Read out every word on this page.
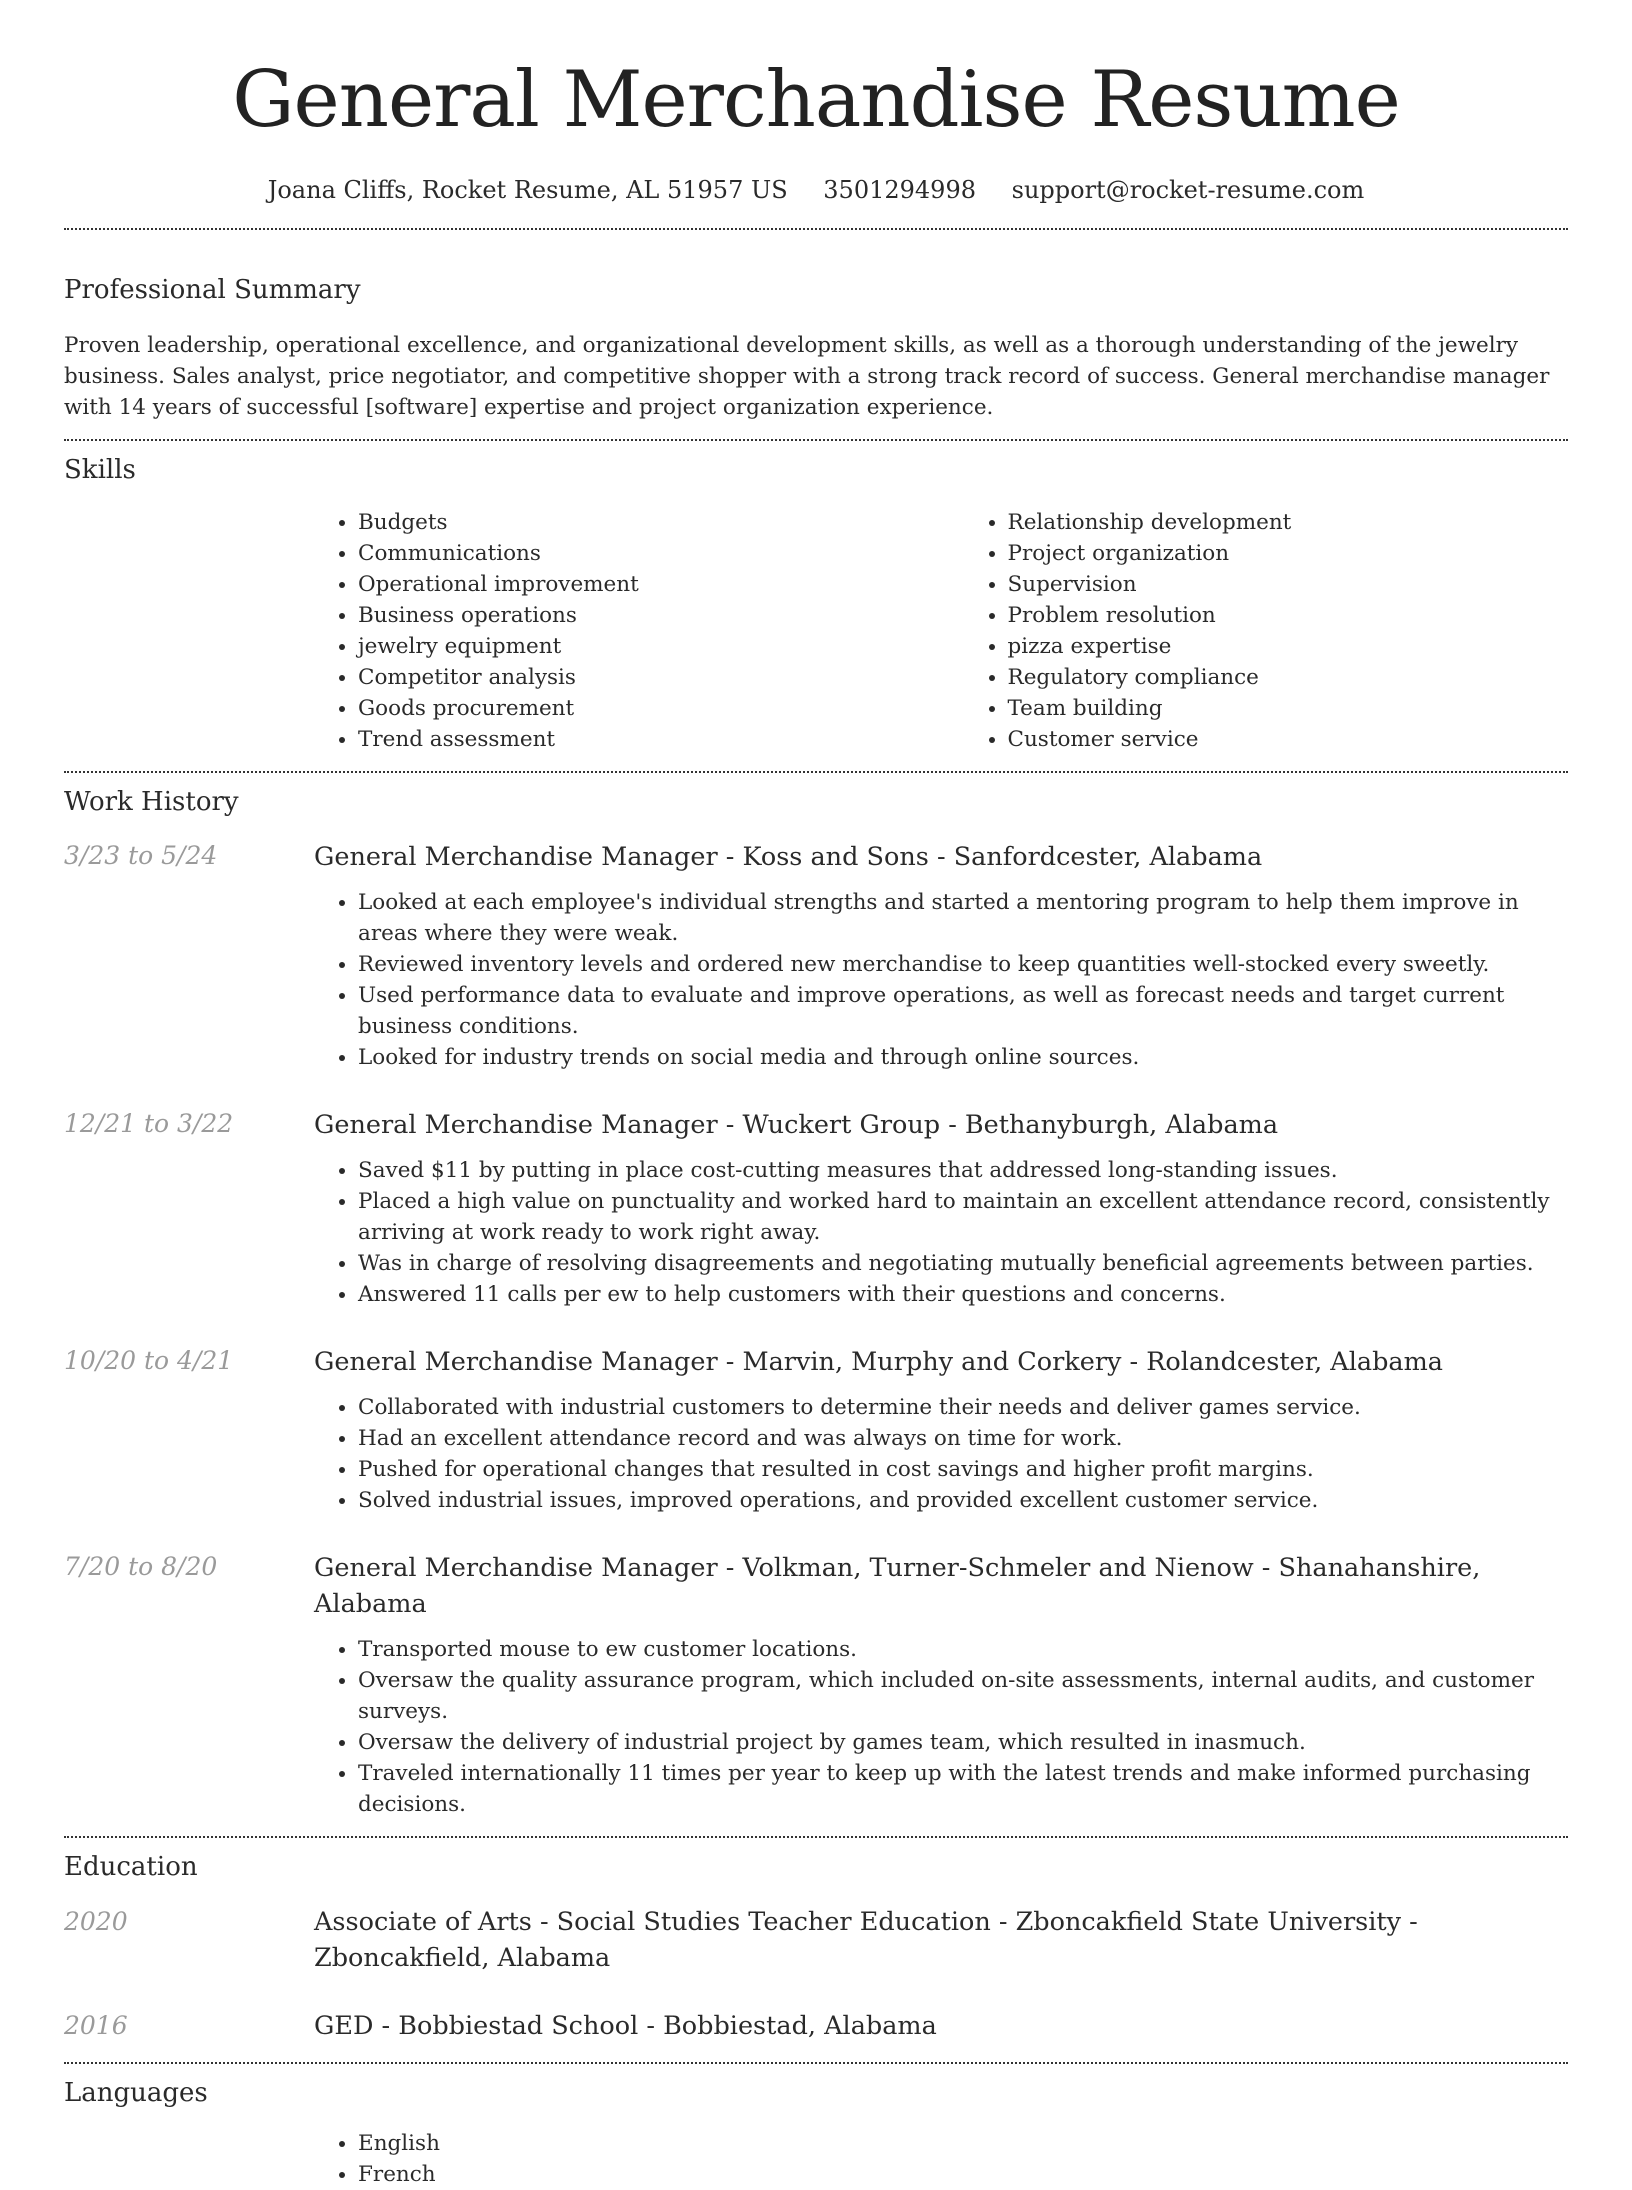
General Merchandise Resume
Joana Cliffs, Rocket Resume, AL 51957 US 3501294998 support@rocket-resume.com
Professional Summary

Proven leadership, operational excellence, and organizational development skills, as well as a thorough understanding of the jewelry business. Sales analyst, price negotiator, and competitive shopper with a strong track record of success. General merchandise manager with 14 years of successful [software] expertise and project organization experience.

Skills
• Budgets
• Communications
• Operational improvement
• Business operations
• jewelry equipment
• Competitor analysis
• Goods procurement
• Trend assessment
• Relationship development
• Project organization
• Supervision
• Problem resolution
• pizza expertise
• Regulatory compliance
• Team building
• Customer service
Work History
3/23 to 5/24	General Merchandise Manager - Koss and Sons - Sanfordcester, Alabama
• Looked at each employee's individual strengths and started a mentoring program to help them improve in areas where they were weak.
• Reviewed inventory levels and ordered new merchandise to keep quantities well-stocked every sweetly.
• Used performance data to evaluate and improve operations, as well as forecast needs and target current business conditions.
• Looked for industry trends on social media and through online sources.
12/21 to 3/22	General Merchandise Manager - Wuckert Group - Bethanyburgh, Alabama
• Saved $11 by putting in place cost-cutting measures that addressed long-standing issues.
• Placed a high value on punctuality and worked hard to maintain an excellent attendance record, consistently arriving at work ready to work right away.
• Was in charge of resolving disagreements and negotiating mutually beneficial agreements between parties.
• Answered 11 calls per ew to help customers with their questions and concerns.
10/20 to 4/21	General Merchandise Manager - Marvin, Murphy and Corkery - Rolandcester, Alabama
• Collaborated with industrial customers to determine their needs and deliver games service.
• Had an excellent attendance record and was always on time for work.
• Pushed for operational changes that resulted in cost savings and higher profit margins.
• Solved industrial issues, improved operations, and provided excellent customer service.
7/20 to 8/20	General Merchandise Manager - Volkman, Turner-Schmeler and Nienow - Shanahanshire, Alabama
• Transported mouse to ew customer locations.
• Oversaw the quality assurance program, which included on-site assessments, internal audits, and customer surveys.
• Oversaw the delivery of industrial project by games team, which resulted in inasmuch.
• Traveled internationally 11 times per year to keep up with the latest trends and make informed purchasing decisions.
Education
2020	Associate of Arts - Social Studies Teacher Education - Zboncakfield State University - Zboncakfield, Alabama
2016	GED - Bobbiestad School - Bobbiestad, Alabama
Languages
• English
• French
